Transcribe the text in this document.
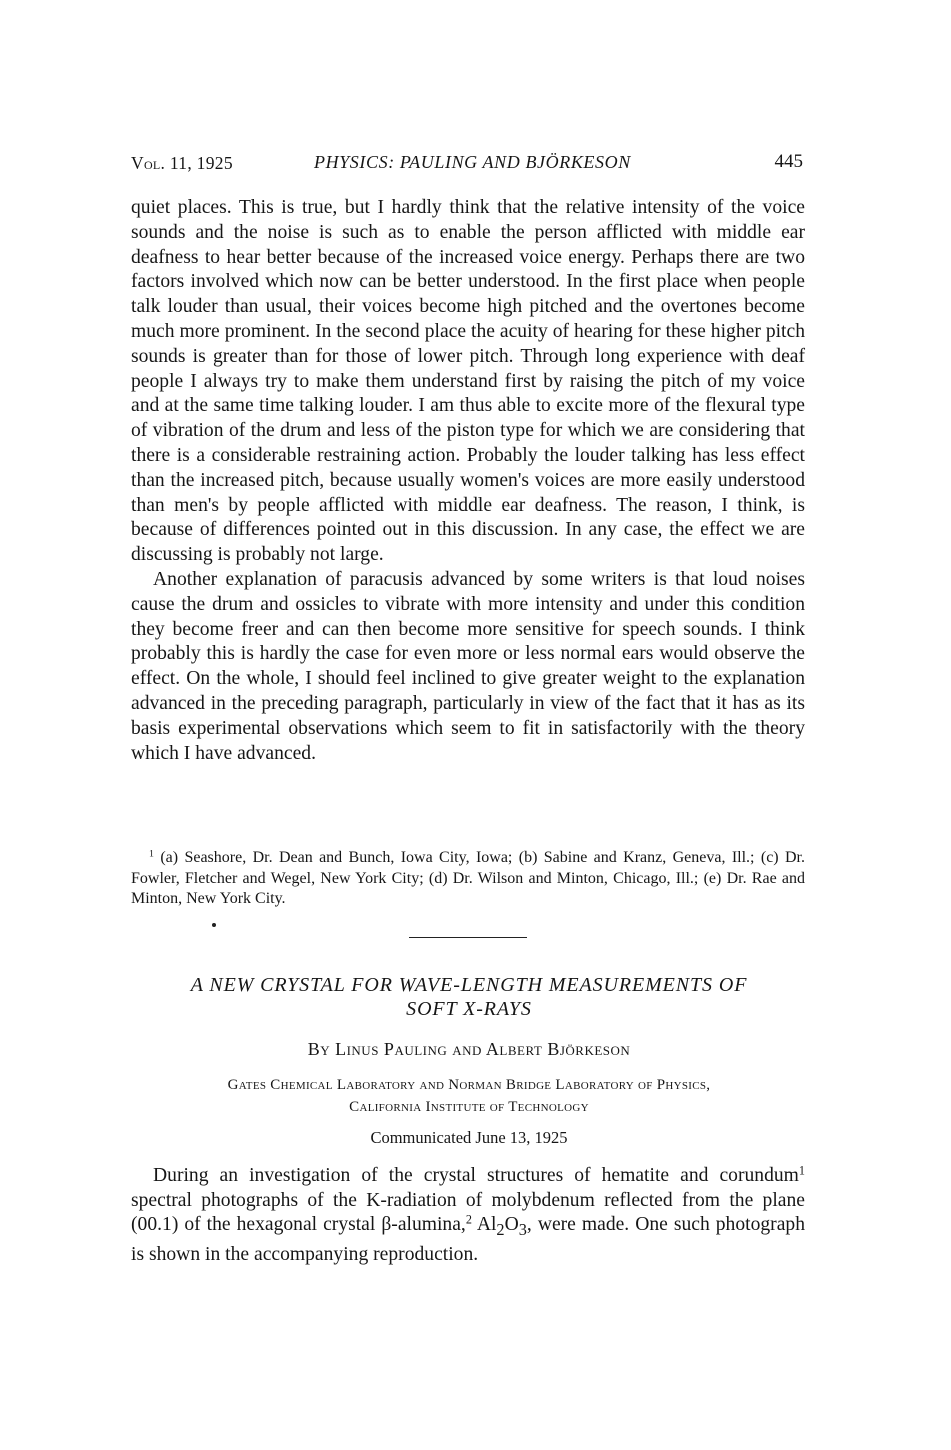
Vol. 11, 1925	PHYSICS: PAULING AND BJÖRKESON	445

quiet places. This is true, but I hardly think that the relative intensity of the voice sounds and the noise is such as to enable the person afflicted with middle ear deafness to hear better because of the increased voice energy. Perhaps there are two factors involved which now can be better understood. In the first place when people talk louder than usual, their voices become high pitched and the overtones become much more prominent. In the second place the acuity of hearing for these higher pitch sounds is greater than for those of lower pitch. Through long experience with deaf people I always try to make them understand first by raising the pitch of my voice and at the same time talking louder. I am thus able to excite more of the flexural type of vibration of the drum and less of the piston type for which we are considering that there is a considerable restraining action. Probably the louder talking has less effect than the increased pitch, because usually women's voices are more easily understood than men's by people afflicted with middle ear deafness. The reason, I think, is because of differences pointed out in this discussion. In any case, the effect we are discussing is probably not large.

Another explanation of paracusis advanced by some writers is that loud noises cause the drum and ossicles to vibrate with more intensity and under this condition they become freer and can then become more sensitive for speech sounds. I think probably this is hardly the case for even more or less normal ears would observe the effect. On the whole, I should feel inclined to give greater weight to the explanation advanced in the preceding paragraph, particularly in view of the fact that it has as its basis experimental observations which seem to fit in satisfactorily with the theory which I have advanced.

$^1$ (a) Seashore, Dr. Dean and Bunch, Iowa City, Iowa; (b) Sabine and Kranz, Geneva, Ill.; (c) Dr. Fowler, Fletcher and Wegel, New York City; (d) Dr. Wilson and Minton, Chicago, Ill.; (e) Dr. Rae and Minton, New York City.

A NEW CRYSTAL FOR WAVE-LENGTH MEASUREMENTS OF
SOFT X-RAYS
By Linus Pauling and Albert Björkeson
Gates Chemical Laboratory and Norman Bridge Laboratory of Physics,
California Institute of Technology
Communicated June 13, 1925

During an investigation of the crystal structures of hematite and corundum$^1$ spectral photographs of the K-radiation of molybdenum reflected from the plane (00.1) of the hexagonal crystal β-alumina,$^2$ $Al_2O_3$, were made. One such photograph is shown in the accompanying reproduction.
